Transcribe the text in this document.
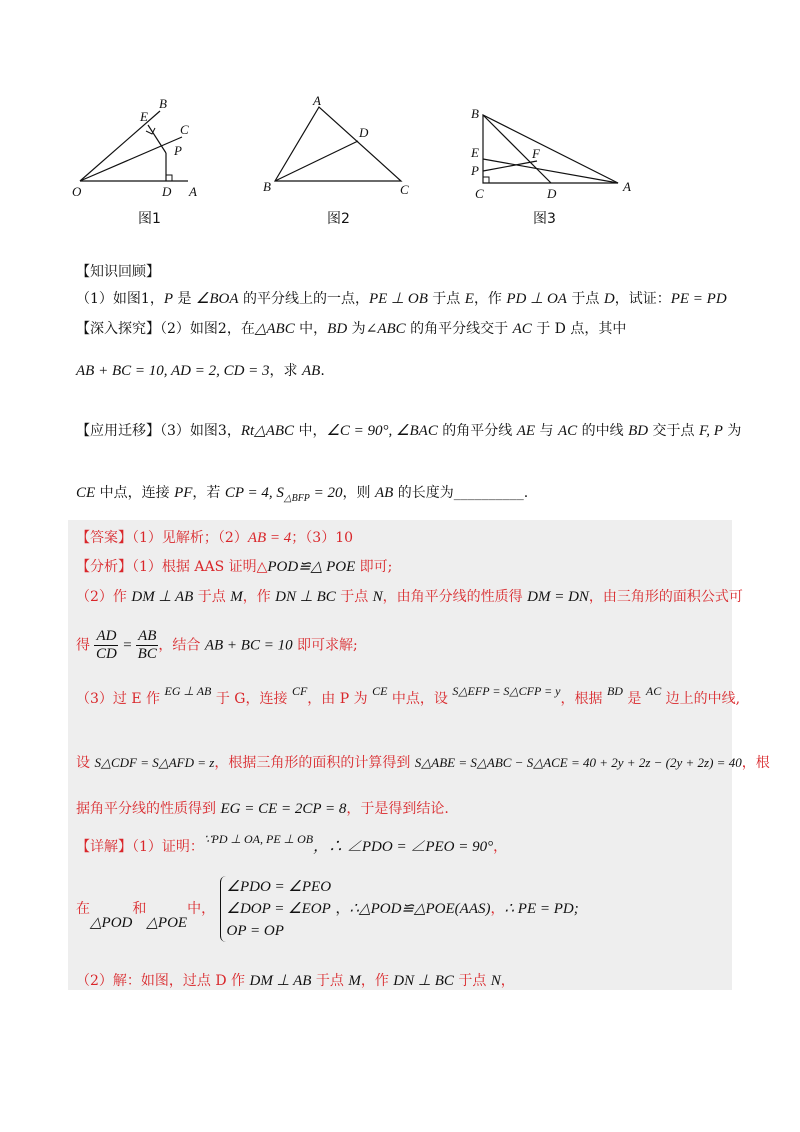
O	A
B
C
D
E
P
图1
A
B	C
D
图2
A
B
C	D
E	F
P
图3
【知识回顾】
（1）如图1，P 是 ∠BOA 的平分线上的一点，PE ⊥ OB 于点 E，作 PD ⊥ OA 于点 D，试证：PE = PD
【深入探究】（2）如图2，在△ABC 中，BD 为∠ABC 的角平分线交于 AC 于 D 点，其中
AB + BC = 10, AD = 2, CD = 3，求 AB.
【应用迁移】（3）如图3，Rt△ABC 中，∠C = 90°, ∠BAC 的角平分线 AE 与 AC 的中线 BD 交于点 F, P 为
CE 中点，连接 PF，若 CP = 4, $S_{\triangle BFP} = 20$，则 AB 的长度为__________.
【答案】（1）见解析；（2）AB = 4；（3）10
【分析】（1）根据 AAS 证明△POD≌△ POE 即可;
（2）作 DM ⊥ AB 于点 M，作 DN ⊥ BC 于点 N，由角平分线的性质得 DM = DN，由三角形的面积公式可
得 $\frac{AD}{CD} = \frac{AB}{BC}$ ，结合 AB + BC = 10 即可求解;
（3）过 E 作 EG ⊥ AB 于 G，连接 CF，由 P 为 CE 中点，设 S△EFP = S△CFP = y，根据 BD 是 AC 边上的中线,
设 S△CDF = S△AFD = z，根据三角形的面积的计算得到 S△ABE = S△ABC − S△ACE = 40 + 2y + 2z − (2y + 2z) = 40，根
据角平分线的性质得到 EG = CE = 2CP = 8，于是得到结论.
【详解】（1）证明：∵PD ⊥ OA, PE ⊥ OB，∴ ∠PDO = ∠PEO = 90°，
在△POD和△POE中，
∠PDO = ∠PEO
∠DOP = ∠EOP
OP = OP
，∴△POD≌△POE(AAS)，∴ PE = PD;
（2）解：如图，过点 D 作 DM ⊥ AB 于点 M，作 DN ⊥ BC 于点 N，
